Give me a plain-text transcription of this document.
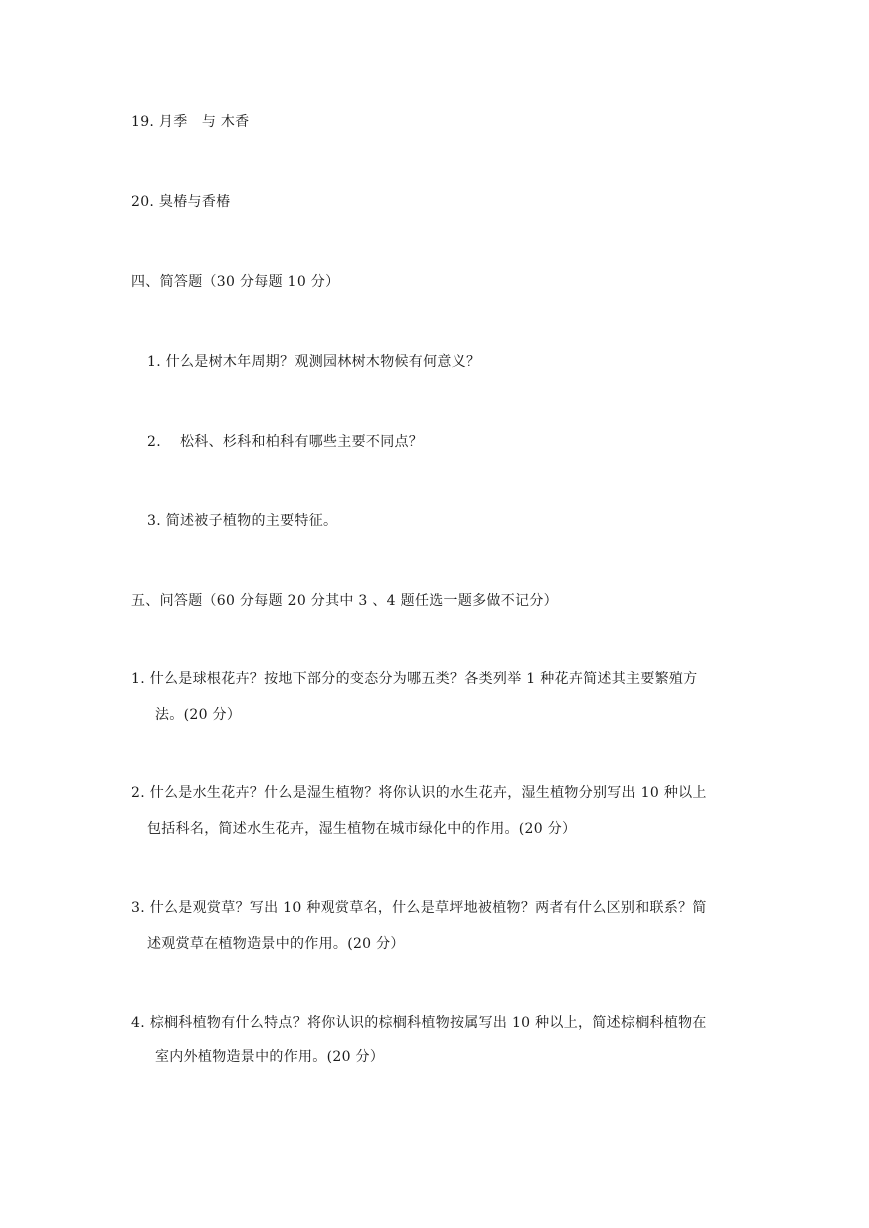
19. 月季　与 木香
20. 臭椿与香椿
四、简答题（30 分每题 10 分）
1. 什么是树木年周期？观测园林树木物候有何意义？
2.　 松科、杉科和柏科有哪些主要不同点？
3. 简述被子植物的主要特征。
五、问答题（60 分每题 20 分其中 3 、4 题任选一题多做不记分）
1. 什么是球根花卉？按地下部分的变态分为哪五类？各类列举 1 种花卉简述其主要繁殖方
法。(20 分）
2. 什么是水生花卉？什么是湿生植物？将你认识的水生花卉，湿生植物分别写出 10 种以上
包括科名，简述水生花卉，湿生植物在城市绿化中的作用。(20 分）
3. 什么是观赏草？写出 10 种观赏草名，什么是草坪地被植物？两者有什么区别和联系？简
述观赏草在植物造景中的作用。(20 分）
4. 棕榈科植物有什么特点？将你认识的棕榈科植物按属写出 10 种以上，简述棕榈科植物在
室内外植物造景中的作用。(20 分）
